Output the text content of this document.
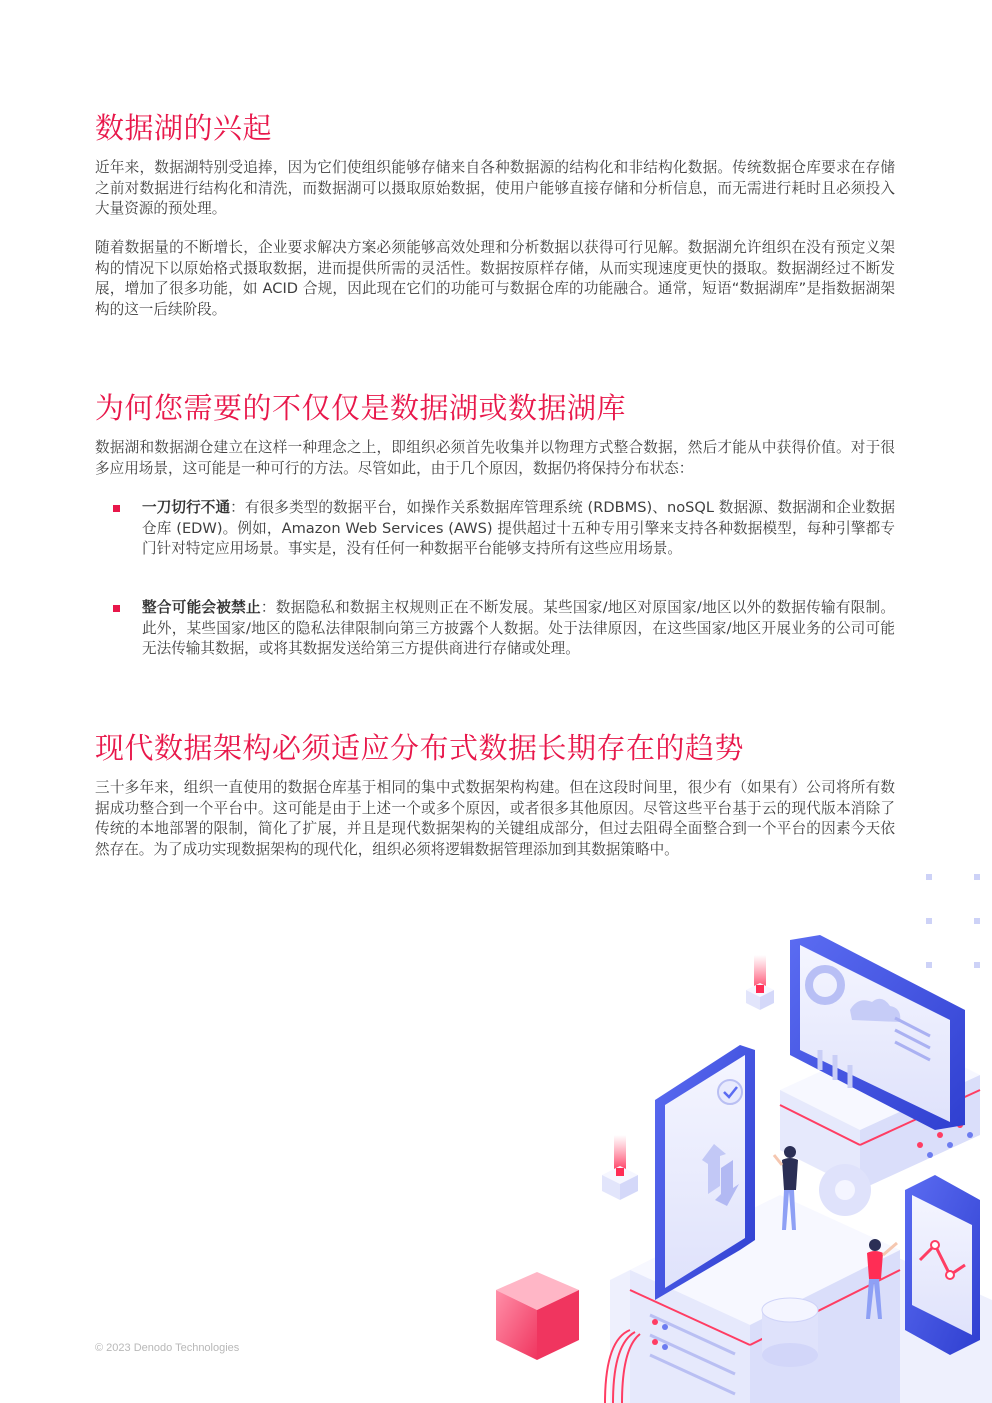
数据湖的兴起

近年来，数据湖特别受追捧，因为它们使组织能够存储来自各种数据源的结构化和非结构化数据。传统数据仓库要求在存储之前对数据进行结构化和清洗，而数据湖可以摄取原始数据，使用户能够直接存储和分析信息，而无需进行耗时且必须投入大量资源的预处理。

随着数据量的不断增长，企业要求解决方案必须能够高效处理和分析数据以获得可行见解。数据湖允许组织在没有预定义架构的情况下以原始格式摄取数据，进而提供所需的灵活性。数据按原样存储，从而实现速度更快的摄取。数据湖经过不断发展，增加了很多功能，如 ACID 合规，因此现在它们的功能可与数据仓库的功能融合。通常，短语“数据湖库”是指数据湖架构的这一后续阶段。

为何您需要的不仅仅是数据湖或数据湖库

数据湖和数据湖仓建立在这样一种理念之上，即组织必须首先收集并以物理方式整合数据，然后才能从中获得价值。对于很多应用场景，这可能是一种可行的方法。尽管如此，由于几个原因，数据仍将保持分布状态：

一刀切行不通：有很多类型的数据平台，如操作关系数据库管理系统 (RDBMS)、noSQL 数据源、数据湖和企业数据仓库 (EDW)。例如，Amazon Web Services (AWS) 提供超过十五种专用引擎来支持各种数据模型，每种引擎都专门针对特定应用场景。事实是，没有任何一种数据平台能够支持所有这些应用场景。
整合可能会被禁止：数据隐私和数据主权规则正在不断发展。某些国家/地区对原国家/地区以外的数据传输有限制。此外，某些国家/地区的隐私法律限制向第三方披露个人数据。处于法律原因，在这些国家/地区开展业务的公司可能无法传输其数据，或将其数据发送给第三方提供商进行存储或处理。
现代数据架构必须适应分布式数据长期存在的趋势

三十多年来，组织一直使用的数据仓库基于相同的集中式数据架构构建。但在这段时间里，很少有（如果有）公司将所有数据成功整合到一个平台中。这可能是由于上述一个或多个原因，或者很多其他原因。尽管这些平台基于云的现代版本消除了传统的本地部署的限制，简化了扩展，并且是现代数据架构的关键组成部分，但过去阻碍全面整合到一个平台的因素今天依然存在。为了成功实现数据架构的现代化，组织必须将逻辑数据管理添加到其数据策略中。

© 2023 Denodo Technologies
